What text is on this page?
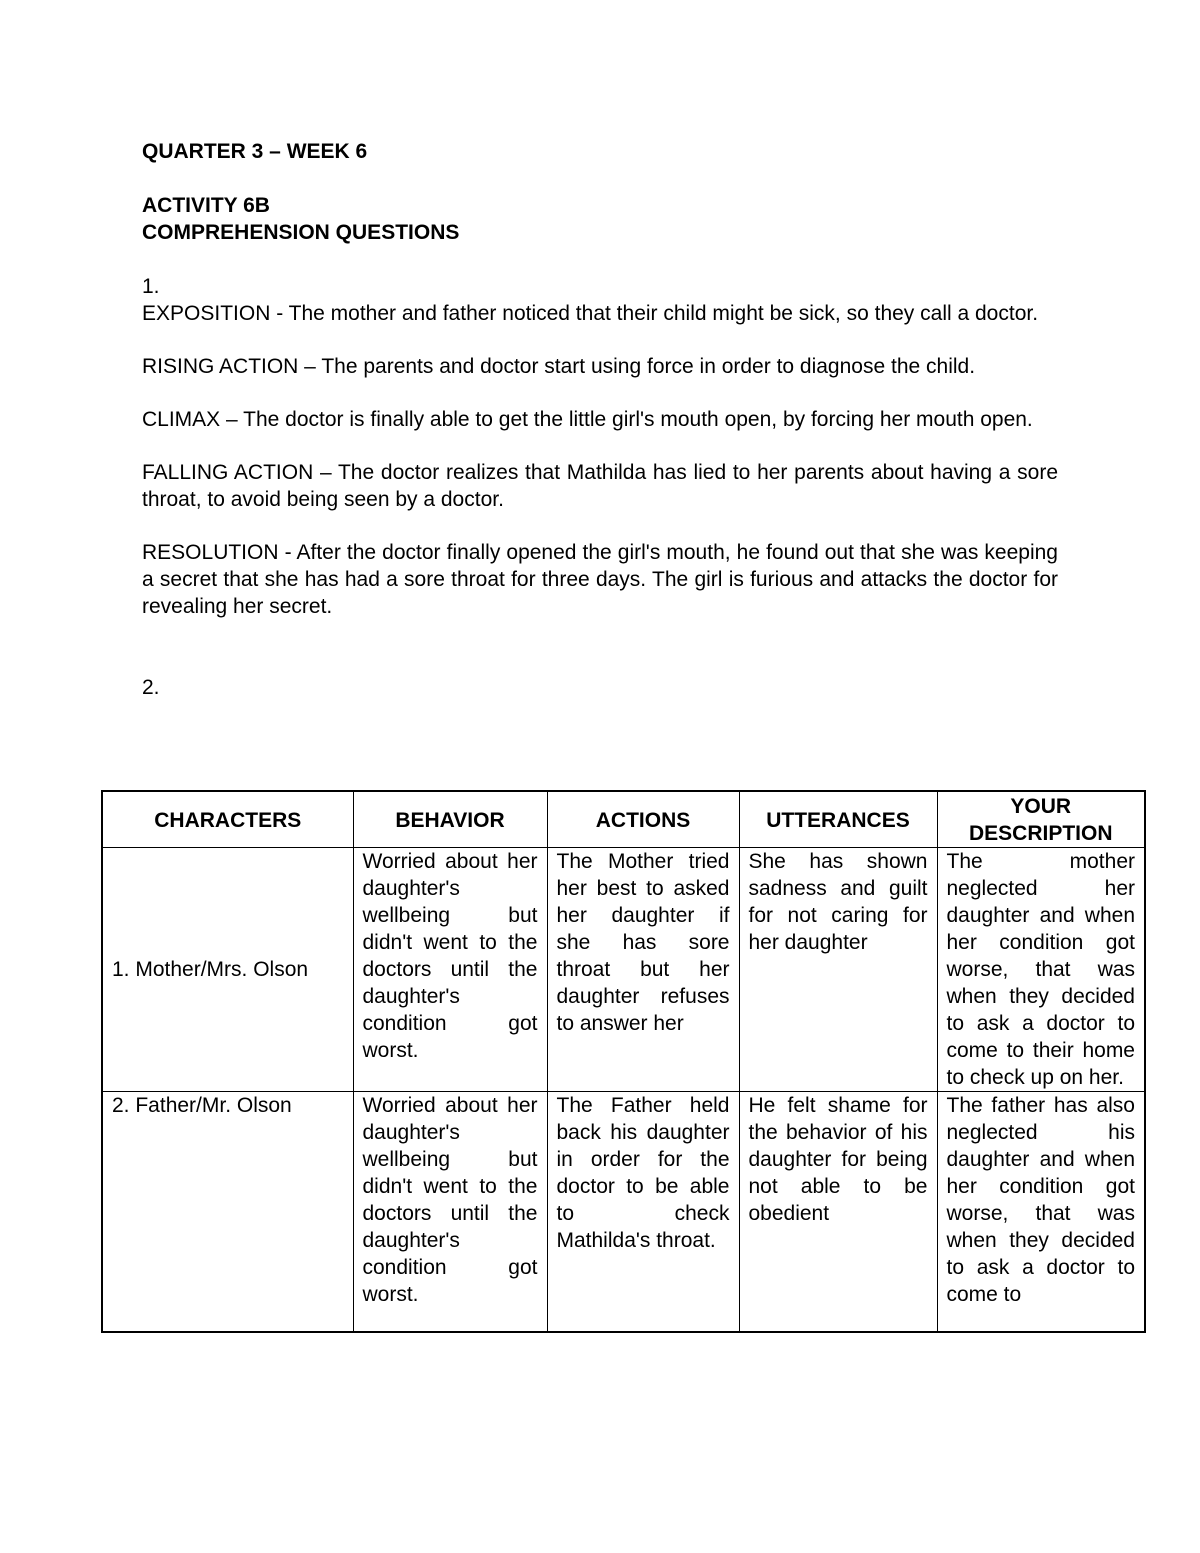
QUARTER 3 – WEEK 6

ACTIVITY 6B

COMPREHENSION QUESTIONS

1.

EXPOSITION - The mother and father noticed that their child might be sick, so they call a doctor.

RISING ACTION – The parents and doctor start using force in order to diagnose the child.

CLIMAX – The doctor is finally able to get the little girl's mouth open, by forcing her mouth open.

FALLING ACTION – The doctor realizes that Mathilda has lied to her parents about having a sore throat, to avoid being seen by a doctor.

RESOLUTION - After the doctor finally opened the girl's mouth, he found out that she was keeping a secret that she has had a sore throat for three days. The girl is furious and attacks the doctor for revealing her secret.

2.

CHARACTERS	BEHAVIOR	ACTIONS	UTTERANCES	YOUR DESCRIPTION
1. Mother/Mrs. Olson	Worried about her daughter's wellbeing but didn't went to the doctors until the daughter's condition got worst.	The Mother tried her best to asked her daughter if she has sore throat but her daughter refuses to answer her	She has shown sadness and guilt for not caring for her daughter	The mother neglected her daughter and when her condition got worse, that was when they decided to ask a doctor to come to their home to check up on her.
2. Father/Mr. Olson	Worried about her daughter's wellbeing but didn't went to the doctors until the daughter's condition got worst.	The Father held back his daughter in order for the doctor to be able to check Mathilda's throat.	He felt shame for the behavior of his daughter for being not able to be obedient	The father has also neglected his daughter and when her condition got worse, that was when they decided to ask a doctor to come to
